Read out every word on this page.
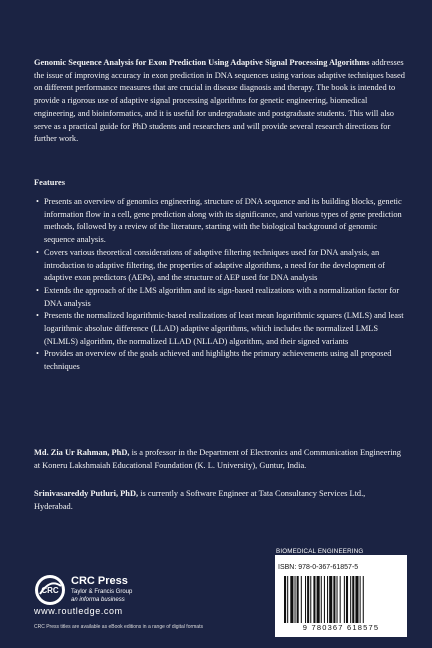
Genomic Sequence Analysis for Exon Prediction Using Adaptive Signal Processing Algorithms addresses the issue of improving accuracy in exon prediction in DNA sequences using various adaptive techniques based on different performance measures that are crucial in disease diagnosis and therapy. The book is intended to provide a rigorous use of adaptive signal processing algorithms for genetic engineering, biomedical engineering, and bioinformatics, and it is useful for undergraduate and postgraduate students. This will also serve as a practical guide for PhD students and researchers and will provide several research directions for further work.
Features
• Presents an overview of genomics engineering, structure of DNA sequence and its building blocks, genetic information flow in a cell, gene prediction along with its significance, and various types of gene prediction methods, followed by a review of the literature, starting with the biological background of genomic sequence analysis.
• Covers various theoretical considerations of adaptive filtering techniques used for DNA analysis, an introduction to adaptive filtering, the properties of adaptive algorithms, a need for the development of adaptive exon predictors (AEPs), and the structure of AEP used for DNA analysis
• Extends the approach of the LMS algorithm and its sign-based realizations with a normalization factor for DNA analysis
• Presents the normalized logarithmic-based realizations of least mean logarithmic squares (LMLS) and least logarithmic absolute difference (LLAD) adaptive algorithms, which includes the normalized LMLS (NLMLS) algorithm, the normalized LLAD (NLLAD) algorithm, and their signed variants
• Provides an overview of the goals achieved and highlights the primary achievements using all proposed techniques
Md. Zia Ur Rahman, PhD, is a professor in the Department of Electronics and Communication Engineering at Koneru Lakshmaiah Educational Foundation (K. L. University), Guntur, India.
Srinivasareddy Putluri, PhD, is currently a Software Engineer at Tata Consultancy Services Ltd., Hyderabad.
CRC
CRC Press
Taylor & Francis Group
an informa business
www.routledge.com
CRC Press titles are available as eBook editions in a range of digital formats
BIOMEDICAL ENGINEERING
ISBN: 978-0-367-61857-5
9 780367 618575
